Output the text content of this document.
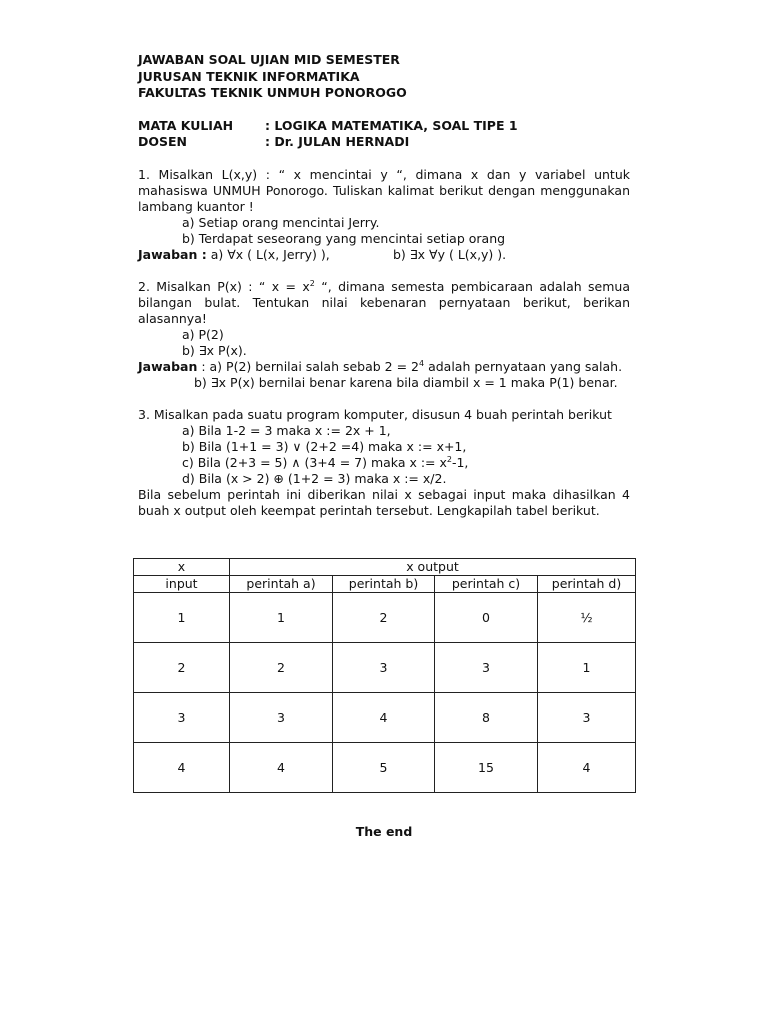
JAWABAN SOAL UJIAN MID SEMESTER
JURUSAN TEKNIK INFORMATIKA
FAKULTAS TEKNIK UNMUH PONOROGO
MATA KULIAH	: LOGIKA MATEMATIKA, SOAL TIPE 1
DOSEN	: Dr. JULAN HERNADI
1. Misalkan L(x,y) : “ x mencintai y “, dimana x dan y variabel untuk mahasiswa UNMUH Ponorogo. Tuliskan kalimat berikut dengan menggunakan lambang kuantor !
a) Setiap orang mencintai Jerry.
b) Terdapat seseorang yang mencintai setiap orang
Jawaban : a) ∀x ( L(x, Jerry) ),	b) ∃x ∀y ( L(x,y) ).
2. Misalkan P(x) : “ $x = x^2$ “, dimana semesta pembicaraan adalah semua bilangan bulat. Tentukan nilai kebenaran pernyataan berikut, berikan alasannya!
a) P(2)
b) ∃x P(x).
Jawaban : a) P(2) bernilai salah sebab $2 = 2^4$ adalah pernyataan yang salah.
b) ∃x P(x) bernilai benar karena bila diambil x = 1 maka P(1) benar.
3. Misalkan pada suatu program komputer, disusun 4 buah perintah berikut
a) Bila 1-2 = 3 maka x := 2x + 1,
b) Bila (1+1 = 3) ∨ (2+2 =4) maka x := x+1,
c) Bila (2+3 = 5) ∧ (3+4 = 7) maka x := $x^2-1$,
d) Bila (x > 2) ⊕ (1+2 = 3) maka x := x/2.
Bila sebelum perintah ini diberikan nilai x sebagai input maka dihasilkan 4 buah x output oleh keempat perintah tersebut. Lengkapilah tabel berikut.
x	x output			
input	perintah a)	perintah b)	perintah c)	perintah d)
1	1	2	0	½
2	2	3	3	1
3	3	4	8	3
4	4	5	15	4
The end
